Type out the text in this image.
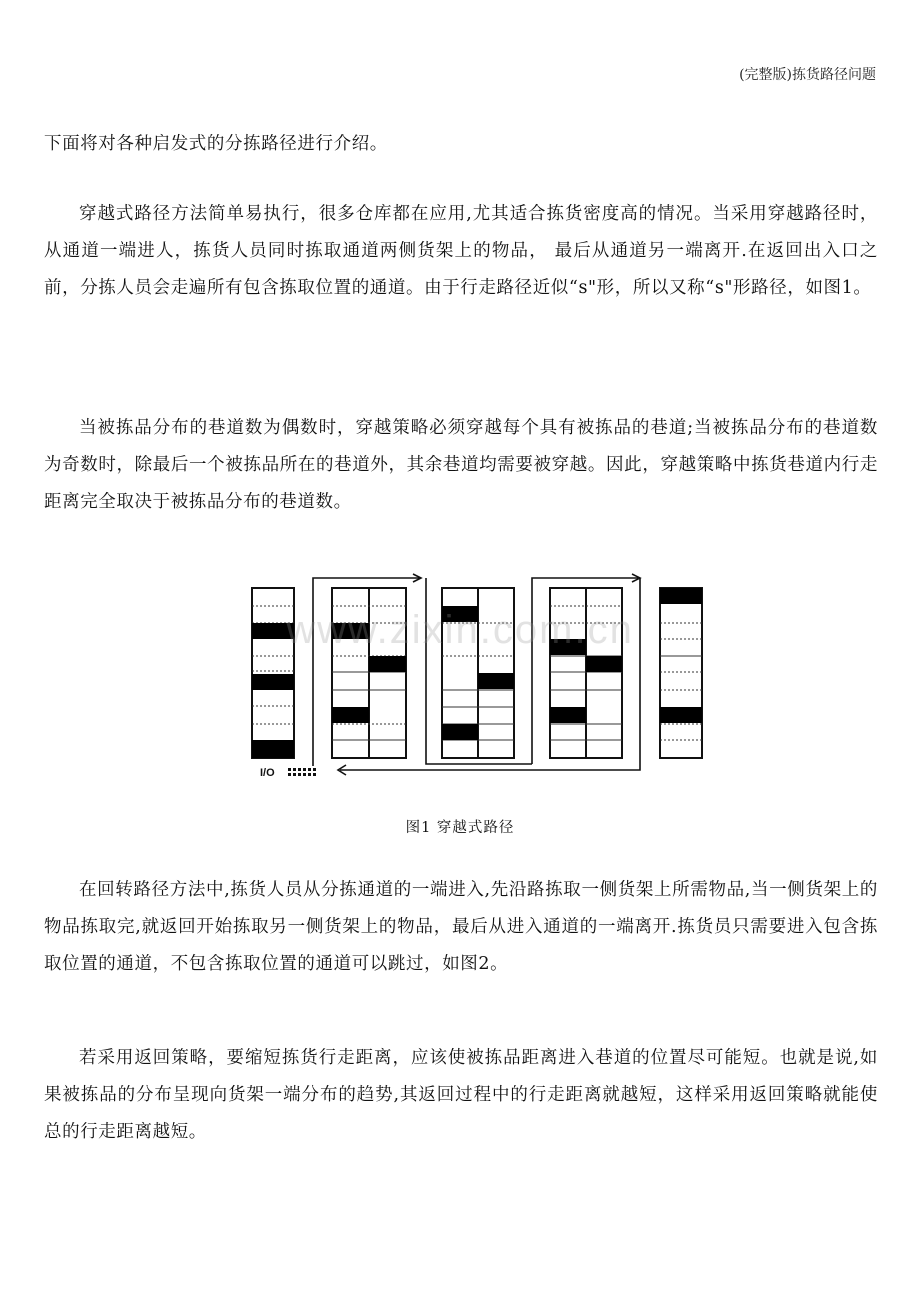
(完整版)拣货路径问题

下面将对各种启发式的分拣路径进行介绍。

穿越式路径方法简单易执行，很多仓库都在应用,尤其适合拣货密度高的情况。当采用穿越路径时，从通道一端进人，拣货人员同时拣取通道两侧货架上的物品， 最后从通道另一端离开.在返回出入口之前，分拣人员会走遍所有包含拣取位置的通道。由于行走路径近似“s"形，所以又称“s"形路径，如图1。

当被拣品分布的巷道数为偶数时，穿越策略必须穿越每个具有被拣品的巷道;当被拣品分布的巷道数为奇数时，除最后一个被拣品所在的巷道外，其余巷道均需要被穿越。因此，穿越策略中拣货巷道内行走距离完全取决于被拣品分布的巷道数。

I/O
www.zixin.com.cn
图1 穿越式路径

在回转路径方法中,拣货人员从分拣通道的一端进入,先沿路拣取一侧货架上所需物品,当一侧货架上的物品拣取完,就返回开始拣取另一侧货架上的物品，最后从进入通道的一端离开.拣货员只需要进入包含拣取位置的通道，不包含拣取位置的通道可以跳过，如图2。

若采用返回策略，要缩短拣货行走距离，应该使被拣品距离进入巷道的位置尽可能短。也就是说,如果被拣品的分布呈现向货架一端分布的趋势,其返回过程中的行走距离就越短，这样采用返回策略就能使总的行走距离越短。
